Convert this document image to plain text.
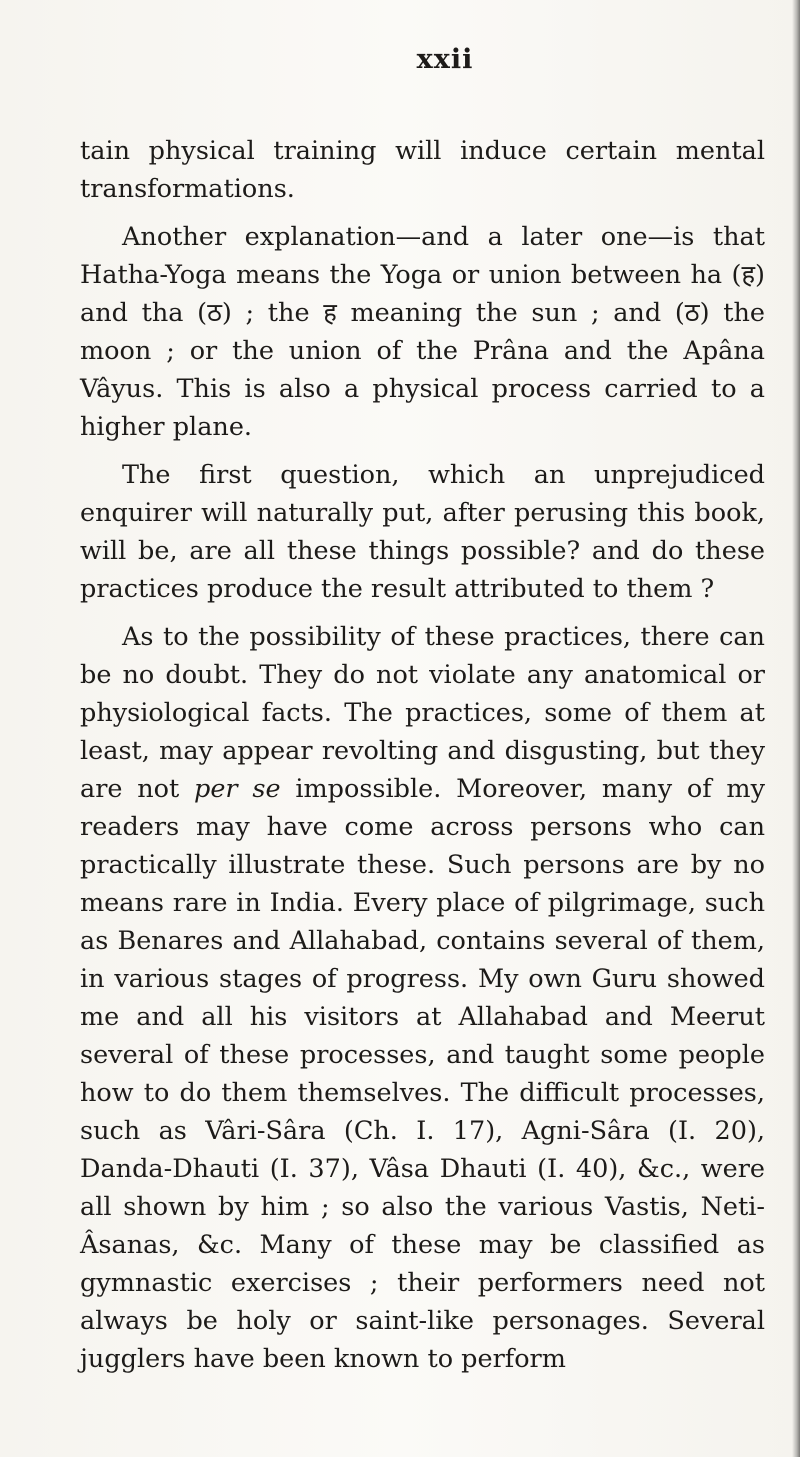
xxii

tain physical training will induce certain mental transformations.

Another explanation—and a later one—is that Hatha-Yoga means the Yoga or union between ha (ह) and tha (ठ) ; the ह meaning the sun ; and (ठ) the moon ; or the union of the Prâna and the Apâna Vâyus. This is also a physical process carried to a higher plane.

The first question, which an unprejudiced enquirer will naturally put, after perusing this book, will be, are all these things possible? and do these practices produce the result attributed to them ?

As to the possibility of these practices, there can be no doubt. They do not violate any anatomical or physiological facts. The practices, some of them at least, may appear revolting and disgusting, but they are not per se impossible. Moreover, many of my readers may have come across persons who can practically illustrate these. Such persons are by no means rare in India. Every place of pilgrimage, such as Benares and Allahabad, contains several of them, in various stages of progress. My own Guru showed me and all his visitors at Allahabad and Meerut several of these processes, and taught some people how to do them themselves. The difficult processes, such as Vâri-Sâra (Ch. I. 17), Agni-Sâra (I. 20), Danda-Dhauti (I. 37), Vâsa Dhauti (I. 40), &c., were all shown by him ; so also the various Vastis, Neti-Âsanas, &c. Many of these may be classified as gymnastic exercises ; their performers need not always be holy or saint-like personages. Several jugglers have been known to perform
